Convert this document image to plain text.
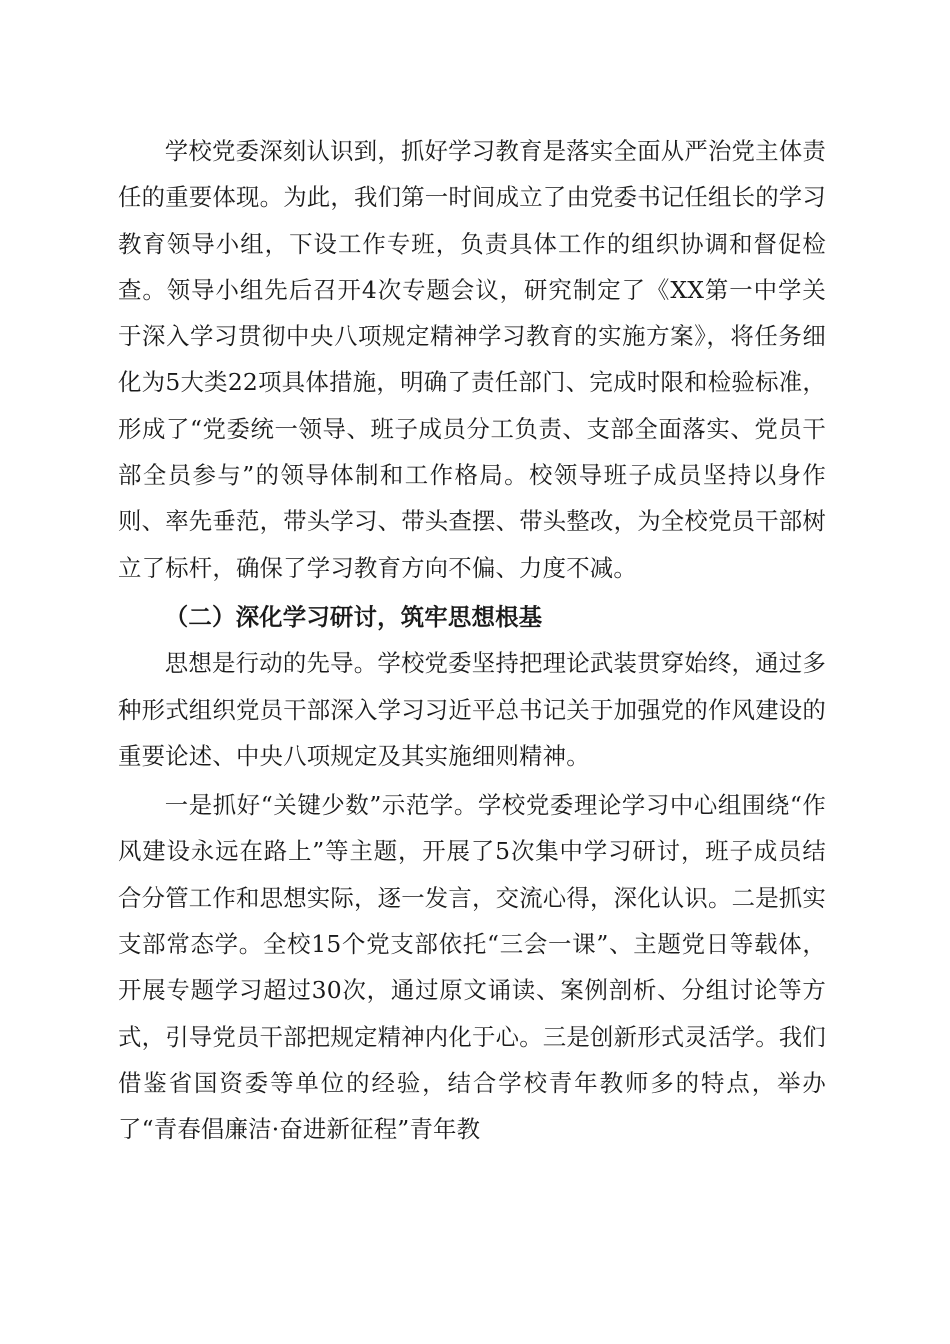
学校党委深刻认识到，抓好学习教育是落实全面从严治党主体责任的重要体现。为此，我们第一时间成立了由党委书记任组长的学习教育领导小组，下设工作专班，负责具体工作的组织协调和督促检查。领导小组先后召开4次专题会议，研究制定了《XX第一中学关于深入学习贯彻中央八项规定精神学习教育的实施方案》，将任务细化为5大类22项具体措施，明确了责任部门、完成时限和检验标准，形成了“党委统一领导、班子成员分工负责、支部全面落实、党员干部全员参与”的领导体制和工作格局。校领导班子成员坚持以身作则、率先垂范，带头学习、带头查摆、带头整改，为全校党员干部树立了标杆，确保了学习教育方向不偏、力度不减。

（二）深化学习研讨，筑牢思想根基

思想是行动的先导。学校党委坚持把理论武装贯穿始终，通过多种形式组织党员干部深入学习习近平总书记关于加强党的作风建设的重要论述、中央八项规定及其实施细则精神。

一是抓好“关键少数”示范学。学校党委理论学习中心组围绕“作风建设永远在路上”等主题，开展了5次集中学习研讨，班子成员结合分管工作和思想实际，逐一发言，交流心得，深化认识。二是抓实支部常态学。全校15个党支部依托“三会一课”、主题党日等载体，开展专题学习超过30次，通过原文诵读、案例剖析、分组讨论等方式，引导党员干部把规定精神内化于心。三是创新形式灵活学。我们借鉴省国资委等单位的经验，结合学校青年教师多的特点，举办了“青春倡廉洁·奋进新征程”青年教
